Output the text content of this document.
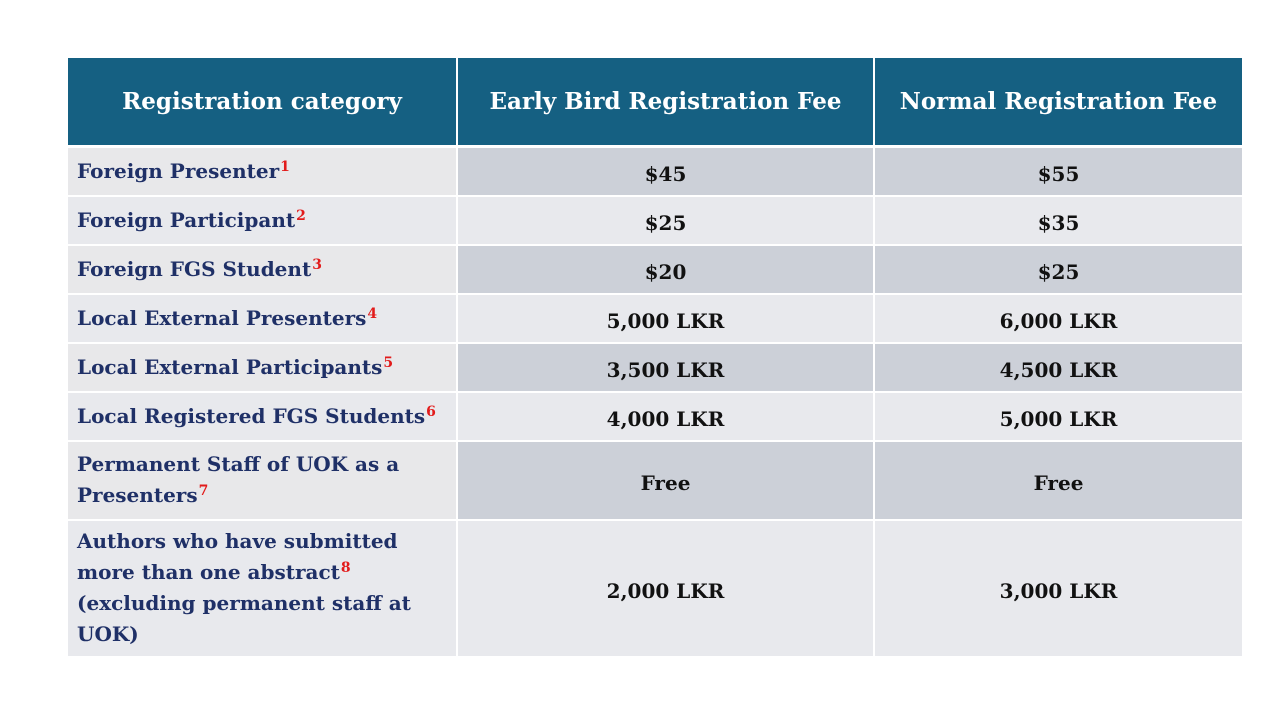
Registration category	Early Bird Registration Fee	Normal Registration Fee
Foreign Presenter$^1$	$45	$55
Foreign Participant$^2$	$25	$35
Foreign FGS Student$^3$	$20	$25
Local External Presenters$^4$	5,000 LKR	6,000 LKR
Local External Participants$^5$	3,500 LKR	4,500 LKR
Local Registered FGS Students$^6$	4,000 LKR	5,000 LKR
Permanent Staff of UOK as a Presenters$^7$	Free	Free
Authors who have submitted more than one abstract$^8$ (excluding permanent staff at UOK)	2,000 LKR	3,000 LKR
